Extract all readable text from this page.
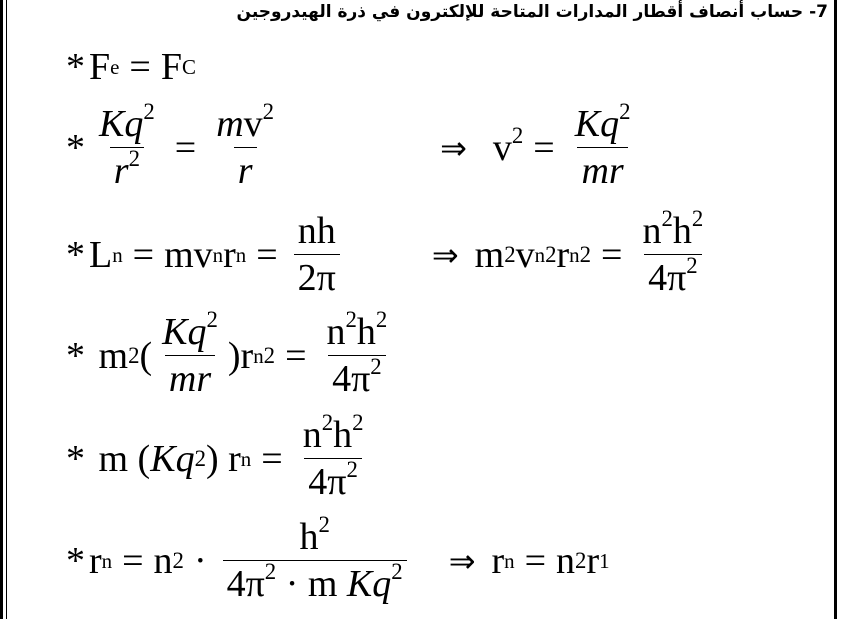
7- حساب أنصاف أقطار المدارات المتاحة للإلكترون في ذرة الهيدروجين
* F e = F C
* $\frac{Kq^2}{r^2} = \frac{mv^2}{r}$	⇒ $v^2 = \frac{Kq^2}{mr}$
* L n = mv n r $n = \frac{nh}{2\pi}$	⇒ m 2 v n 2 r n $2 = \frac{n^2h^2}{4\pi^2}$
* m 2 ( $\frac{Kq^2}{mr} )r$ n $2 = \frac{n^2h^2}{4\pi^2}$
* m ( Kq 2 ) r $n = \frac{n^2h^2}{4\pi^2}$
* r n = n $2 \cdot \frac{h^2}{4\pi^2 \cdot m Kq^2}$ ⇒ r n = n 2 r 1
